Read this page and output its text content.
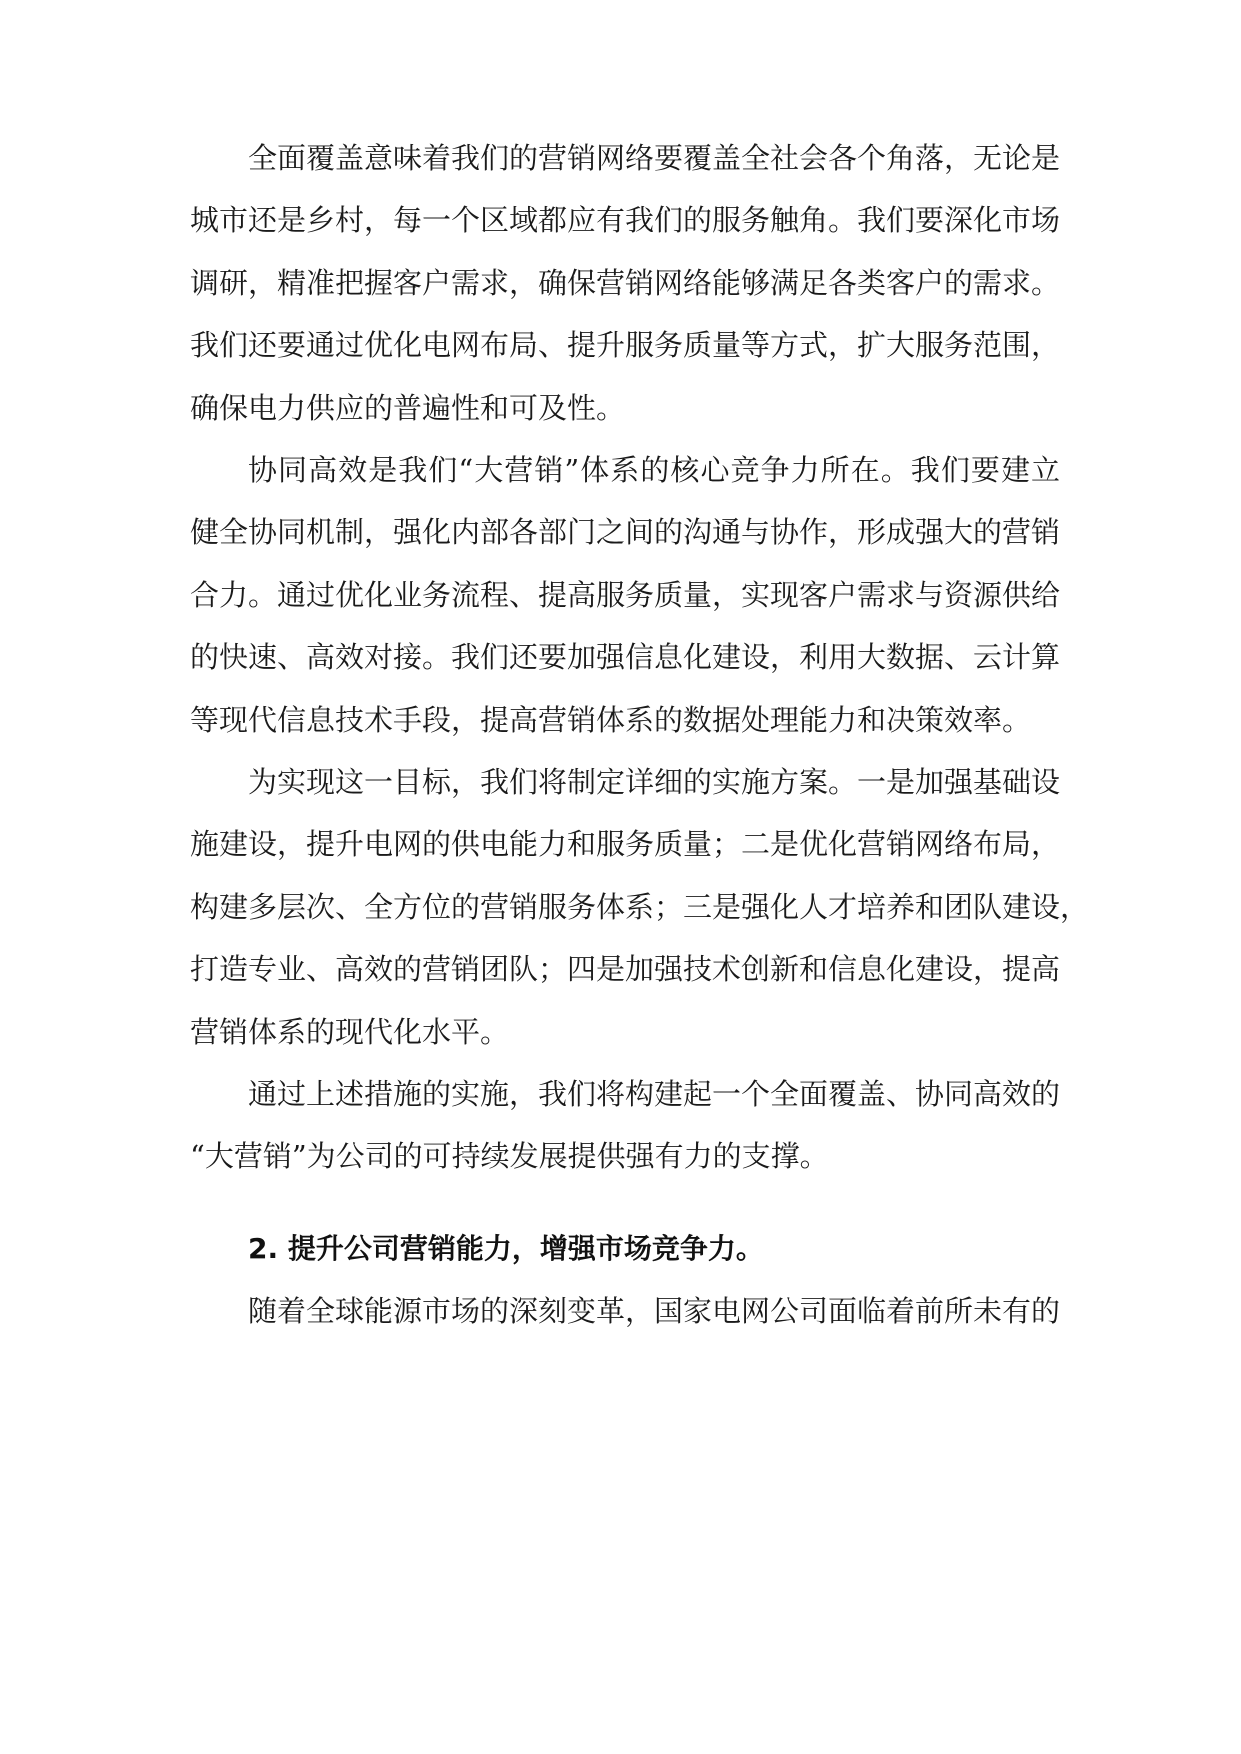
全面覆盖意味着我们的营销网络要覆盖全社会各个角落，无论是
城市还是乡村，每一个区域都应有我们的服务触角。我们要深化市场
调研，精准把握客户需求，确保营销网络能够满足各类客户的需求。
我们还要通过优化电网布局、提升服务质量等方式，扩大服务范围，
确保电力供应的普遍性和可及性。
协同高效是我们“大营销”体系的核心竞争力所在。我们要建立
健全协同机制，强化内部各部门之间的沟通与协作，形成强大的营销
合力。通过优化业务流程、提高服务质量，实现客户需求与资源供给
的快速、高效对接。我们还要加强信息化建设，利用大数据、云计算
等现代信息技术手段，提高营销体系的数据处理能力和决策效率。
为实现这一目标，我们将制定详细的实施方案。一是加强基础设
施建设，提升电网的供电能力和服务质量；二是优化营销网络布局，
构建多层次、全方位的营销服务体系；三是强化人才培养和团队建设，
打造专业、高效的营销团队；四是加强技术创新和信息化建设，提高
营销体系的现代化水平。
通过上述措施的实施，我们将构建起一个全面覆盖、协同高效的
“大营销”为公司的可持续发展提供强有力的支撑。
2. 提升公司营销能力，增强市场竞争力。
随着全球能源市场的深刻变革，国家电网公司面临着前所未有的
